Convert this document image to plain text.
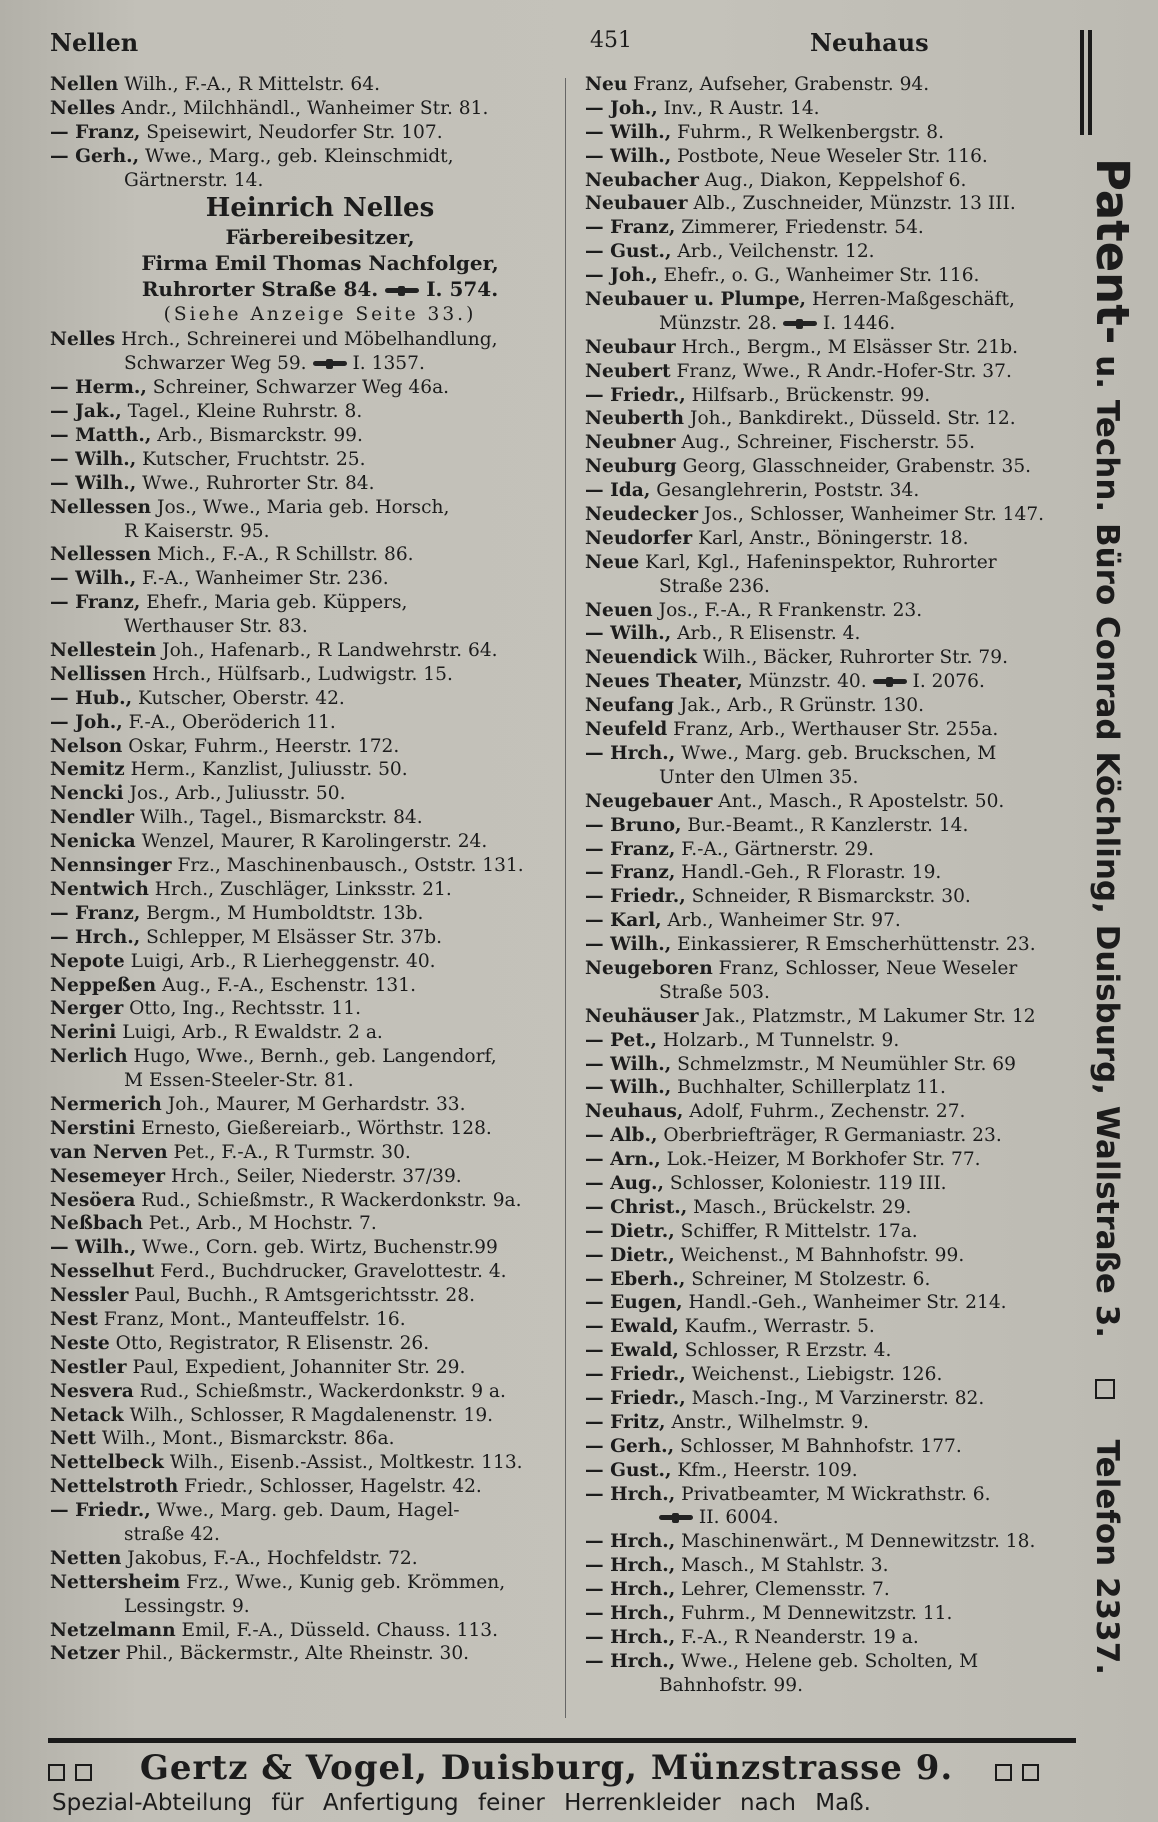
Nellen	451	Neuhaus
Nellen Wilh., F.-A., R Mittelstr. 64.
Nelles Andr., Milchhändl., Wanheimer Str. 81.
— Franz, Speisewirt, Neudorfer Str. 107.
— Gerh., Wwe., Marg., geb. Kleinschmidt,
Gärtnerstr. 14.
Heinrich Nelles
Färbereibesitzer,
Firma Emil Thomas Nachfolger,
Ruhrorter Straße 84. I. 574.
(Siehe Anzeige Seite 33.)
Nelles Hrch., Schreinerei und Möbelhandlung,
Schwarzer Weg 59. I. 1357.
— Herm., Schreiner, Schwarzer Weg 46a.
— Jak., Tagel., Kleine Ruhrstr. 8.
— Matth., Arb., Bismarckstr. 99.
— Wilh., Kutscher, Fruchtstr. 25.
— Wilh., Wwe., Ruhrorter Str. 84.
Nellessen Jos., Wwe., Maria geb. Horsch,
R Kaiserstr. 95.
Nellessen Mich., F.-A., R Schillstr. 86.
— Wilh., F.-A., Wanheimer Str. 236.
— Franz, Ehefr., Maria geb. Küppers,
Werthauser Str. 83.
Nellestein Joh., Hafenarb., R Landwehrstr. 64.
Nellissen Hrch., Hülfsarb., Ludwigstr. 15.
— Hub., Kutscher, Oberstr. 42.
— Joh., F.-A., Oberöderich 11.
Nelson Oskar, Fuhrm., Heerstr. 172.
Nemitz Herm., Kanzlist, Juliusstr. 50.
Nencki Jos., Arb., Juliusstr. 50.
Nendler Wilh., Tagel., Bismarckstr. 84.
Nenicka Wenzel, Maurer, R Karolingerstr. 24.
Nennsinger Frz., Maschinenbausch., Oststr. 131.
Nentwich Hrch., Zuschläger, Linksstr. 21.
— Franz, Bergm., M Humboldtstr. 13b.
— Hrch., Schlepper, M Elsässer Str. 37b.
Nepote Luigi, Arb., R Lierheggenstr. 40.
Neppeßen Aug., F.-A., Eschenstr. 131.
Nerger Otto, Ing., Rechtsstr. 11.
Nerini Luigi, Arb., R Ewaldstr. 2 a.
Nerlich Hugo, Wwe., Bernh., geb. Langendorf,
M Essen-Steeler-Str. 81.
Nermerich Joh., Maurer, M Gerhardstr. 33.
Nerstini Ernesto, Gießereiarb., Wörthstr. 128.
van Nerven Pet., F.-A., R Turmstr. 30.
Nesemeyer Hrch., Seiler, Niederstr. 37/39.
Nesöera Rud., Schießmstr., R Wackerdonkstr. 9a.
Neßbach Pet., Arb., M Hochstr. 7.
— Wilh., Wwe., Corn. geb. Wirtz, Buchenstr.99
Nesselhut Ferd., Buchdrucker, Gravelottestr. 4.
Nessler Paul, Buchh., R Amtsgerichtsstr. 28.
Nest Franz, Mont., Manteuffelstr. 16.
Neste Otto, Registrator, R Elisenstr. 26.
Nestler Paul, Expedient, Johanniter Str. 29.
Nesvera Rud., Schießmstr., Wackerdonkstr. 9 a.
Netack Wilh., Schlosser, R Magdalenenstr. 19.
Nett Wilh., Mont., Bismarckstr. 86a.
Nettelbeck Wilh., Eisenb.-Assist., Moltkestr. 113.
Nettelstroth Friedr., Schlosser, Hagelstr. 42.
— Friedr., Wwe., Marg. geb. Daum, Hagel-
straße 42.
Netten Jakobus, F.-A., Hochfeldstr. 72.
Nettersheim Frz., Wwe., Kunig geb. Krömmen,
Lessingstr. 9.
Netzelmann Emil, F.-A., Düsseld. Chauss. 113.
Netzer Phil., Bäckermstr., Alte Rheinstr. 30.
Neu Franz, Aufseher, Grabenstr. 94.
— Joh., Inv., R Austr. 14.
— Wilh., Fuhrm., R Welkenbergstr. 8.
— Wilh., Postbote, Neue Weseler Str. 116.
Neubacher Aug., Diakon, Keppelshof 6.
Neubauer Alb., Zuschneider, Münzstr. 13 III.
— Franz, Zimmerer, Friedenstr. 54.
— Gust., Arb., Veilchenstr. 12.
— Joh., Ehefr., o. G., Wanheimer Str. 116.
Neubauer u. Plumpe, Herren-Maßgeschäft,
Münzstr. 28. I. 1446.
Neubaur Hrch., Bergm., M Elsässer Str. 21b.
Neubert Franz, Wwe., R Andr.-Hofer-Str. 37.
— Friedr., Hilfsarb., Brückenstr. 99.
Neuberth Joh., Bankdirekt., Düsseld. Str. 12.
Neubner Aug., Schreiner, Fischerstr. 55.
Neuburg Georg, Glasschneider, Grabenstr. 35.
— Ida, Gesanglehrerin, Poststr. 34.
Neudecker Jos., Schlosser, Wanheimer Str. 147.
Neudorfer Karl, Anstr., Böningerstr. 18.
Neue Karl, Kgl., Hafeninspektor, Ruhrorter
Straße 236.
Neuen Jos., F.-A., R Frankenstr. 23.
— Wilh., Arb., R Elisenstr. 4.
Neuendick Wilh., Bäcker, Ruhrorter Str. 79.
Neues Theater, Münzstr. 40. I. 2076.
Neufang Jak., Arb., R Grünstr. 130.
Neufeld Franz, Arb., Werthauser Str. 255a.
— Hrch., Wwe., Marg. geb. Bruckschen, M
Unter den Ulmen 35.
Neugebauer Ant., Masch., R Apostelstr. 50.
— Bruno, Bur.-Beamt., R Kanzlerstr. 14.
— Franz, F.-A., Gärtnerstr. 29.
— Franz, Handl.-Geh., R Florastr. 19.
— Friedr., Schneider, R Bismarckstr. 30.
— Karl, Arb., Wanheimer Str. 97.
— Wilh., Einkassierer, R Emscherhüttenstr. 23.
Neugeboren Franz, Schlosser, Neue Weseler
Straße 503.
Neuhäuser Jak., Platzmstr., M Lakumer Str. 12
— Pet., Holzarb., M Tunnelstr. 9.
— Wilh., Schmelzmstr., M Neumühler Str. 69
— Wilh., Buchhalter, Schillerplatz 11.
Neuhaus, Adolf, Fuhrm., Zechenstr. 27.
— Alb., Oberbriefträger, R Germaniastr. 23.
— Arn., Lok.-Heizer, M Borkhofer Str. 77.
— Aug., Schlosser, Koloniestr. 119 III.
— Christ., Masch., Brückelstr. 29.
— Dietr., Schiffer, R Mittelstr. 17a.
— Dietr., Weichenst., M Bahnhofstr. 99.
— Eberh., Schreiner, M Stolzestr. 6.
— Eugen, Handl.-Geh., Wanheimer Str. 214.
— Ewald, Kaufm., Werrastr. 5.
— Ewald, Schlosser, R Erzstr. 4.
— Friedr., Weichenst., Liebigstr. 126.
— Friedr., Masch.-Ing., M Varzinerstr. 82.
— Fritz, Anstr., Wilhelmstr. 9.
— Gerh., Schlosser, M Bahnhofstr. 177.
— Gust., Kfm., Heerstr. 109.
— Hrch., Privatbeamter, M Wickrathstr. 6.
II. 6004.
— Hrch., Maschinenwärt., M Dennewitzstr. 18.
— Hrch., Masch., M Stahlstr. 3.
— Hrch., Lehrer, Clemensstr. 7.
— Hrch., Fuhrm., M Dennewitzstr. 11.
— Hrch., F.-A., R Neanderstr. 19 a.
— Hrch., Wwe., Helene geb. Scholten, M
Bahnhofstr. 99.
Patent- u. Techn. Büro Conrad Köchling, Duisburg, Wallstraße 3.  Telefon 2337.
Gertz & Vogel, Duisburg, Münzstrasse 9.
Spezial-Abteilung für Anfertigung feiner Herrenkleider nach Maß.
